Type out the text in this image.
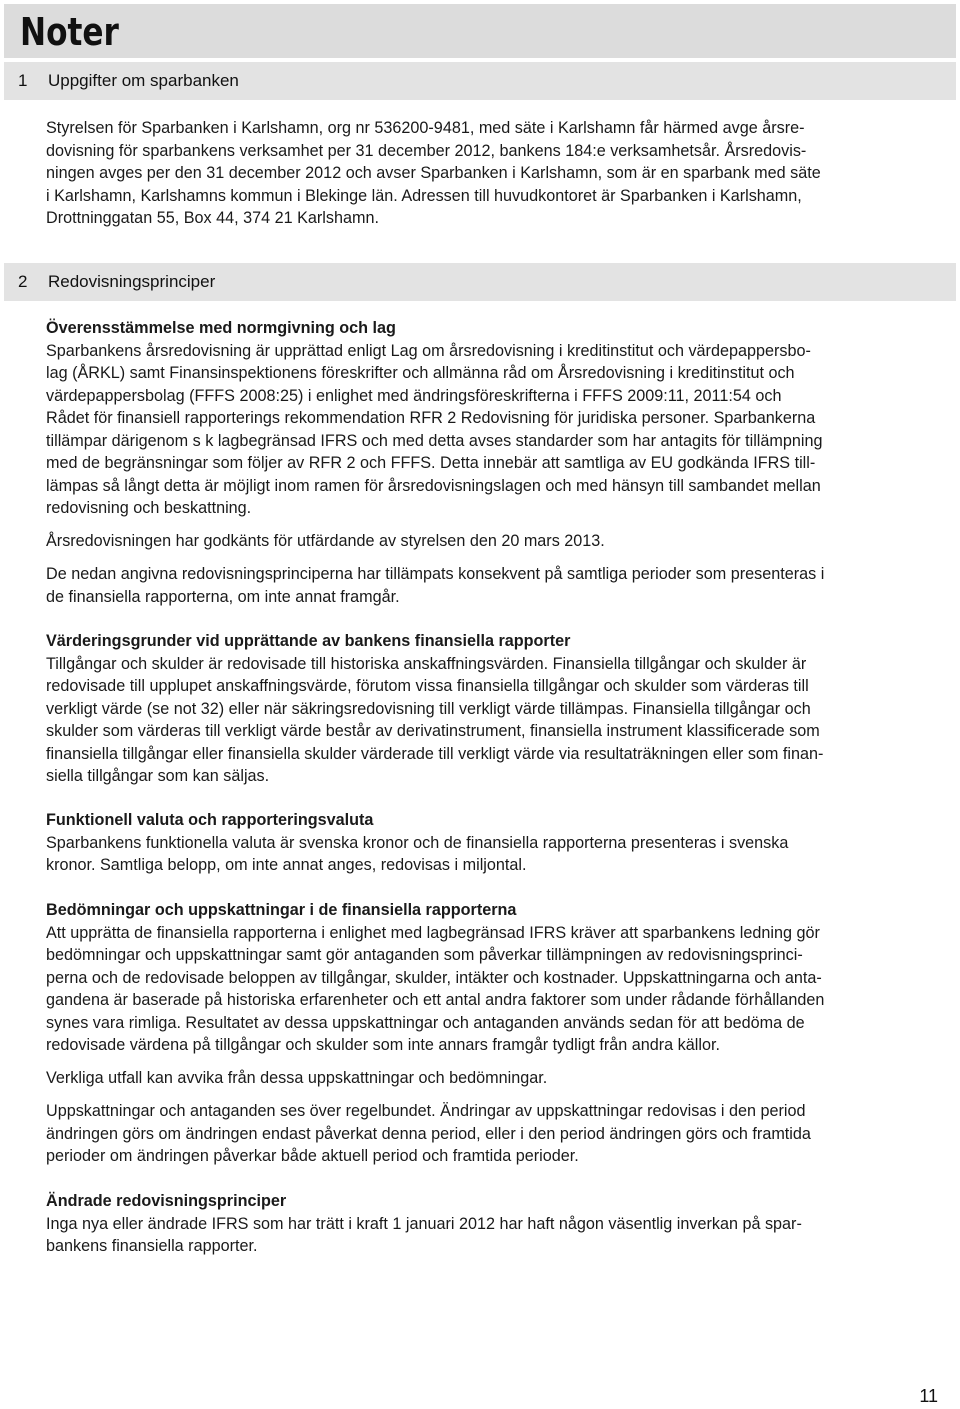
Noter
1 Uppgifter om sparbanken

Styrelsen för Sparbanken i Karlshamn, org nr 536200-9481, med säte i Karlshamn får härmed avge årsre-

dovisning för sparbankens verksamhet per 31 december 2012, bankens 184:e verksamhetsår. Årsredovis-

ningen avges per den 31 december 2012 och avser Sparbanken i Karlshamn, som är en sparbank med säte

i Karlshamn, Karlshamns kommun i Blekinge län. Adressen till huvudkontoret är Sparbanken i Karlshamn,

Drottninggatan 55, Box 44, 374 21 Karlshamn.

2 Redovisningsprinciper
Överensstämmelse med normgivning och lag

Sparbankens årsredovisning är upprättad enligt Lag om årsredovisning i kreditinstitut och värdepappersbo-

lag (ÅRKL) samt Finansinspektionens föreskrifter och allmänna råd om Årsredovisning i kreditinstitut och

värdepappersbolag (FFFS 2008:25) i enlighet med ändringsföreskrifterna i FFFS 2009:11, 2011:54 och

Rådet för finansiell rapporterings rekommendation RFR 2 Redovisning för juridiska personer. Sparbankerna

tillämpar därigenom s k lagbegränsad IFRS och med detta avses standarder som har antagits för tillämpning

med de begränsningar som följer av RFR 2 och FFFS. Detta innebär att samtliga av EU godkända IFRS till-

lämpas så långt detta är möjligt inom ramen för årsredovisningslagen och med hänsyn till sambandet mellan

redovisning och beskattning.

Årsredovisningen har godkänts för utfärdande av styrelsen den 20 mars 2013.

De nedan angivna redovisningsprinciperna har tillämpats konsekvent på samtliga perioder som presenteras i

de finansiella rapporterna, om inte annat framgår.

Värderingsgrunder vid upprättande av bankens finansiella rapporter

Tillgångar och skulder är redovisade till historiska anskaffningsvärden. Finansiella tillgångar och skulder är

redovisade till upplupet anskaffningsvärde, förutom vissa finansiella tillgångar och skulder som värderas till

verkligt värde (se not 32) eller när säkringsredovisning till verkligt värde tillämpas. Finansiella tillgångar och

skulder som värderas till verkligt värde består av derivatinstrument, finansiella instrument klassificerade som

finansiella tillgångar eller finansiella skulder värderade till verkligt värde via resultaträkningen eller som finan-

siella tillgångar som kan säljas.

Funktionell valuta och rapporteringsvaluta

Sparbankens funktionella valuta är svenska kronor och de finansiella rapporterna presenteras i svenska

kronor. Samtliga belopp, om inte annat anges, redovisas i miljontal.

Bedömningar och uppskattningar i de finansiella rapporterna

Att upprätta de finansiella rapporterna i enlighet med lagbegränsad IFRS kräver att sparbankens ledning gör

bedömningar och uppskattningar samt gör antaganden som påverkar tillämpningen av redovisningsprinci-

perna och de redovisade beloppen av tillgångar, skulder, intäkter och kostnader. Uppskattningarna och anta-

gandena är baserade på historiska erfarenheter och ett antal andra faktorer som under rådande förhållanden

synes vara rimliga. Resultatet av dessa uppskattningar och antaganden används sedan för att bedöma de

redovisade värdena på tillgångar och skulder som inte annars framgår tydligt från andra källor.

Verkliga utfall kan avvika från dessa uppskattningar och bedömningar.

Uppskattningar och antaganden ses över regelbundet. Ändringar av uppskattningar redovisas i den period

ändringen görs om ändringen endast påverkat denna period, eller i den period ändringen görs och framtida

perioder om ändringen påverkar både aktuell period och framtida perioder.

Ändrade redovisningsprinciper

Inga nya eller ändrade IFRS som har trätt i kraft 1 januari 2012 har haft någon väsentlig inverkan på spar-

bankens finansiella rapporter.

11
